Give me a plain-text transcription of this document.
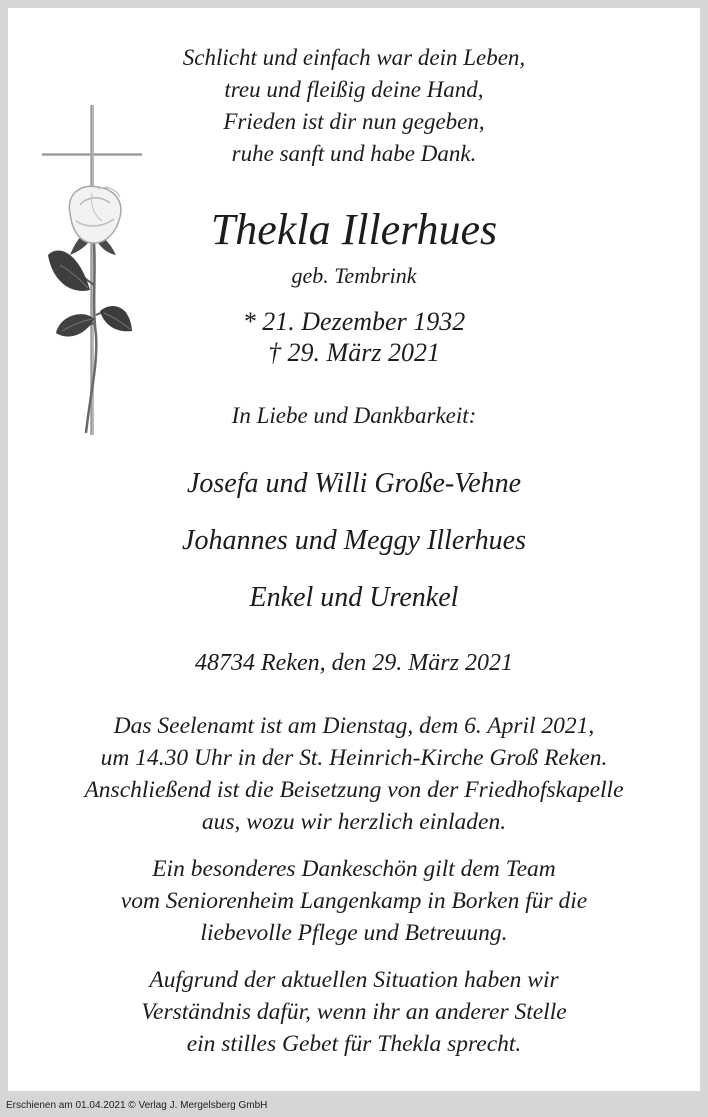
Schlicht und einfach war dein Leben,

treu und fleißig deine Hand,

Frieden ist dir nun gegeben,

ruhe sanft und habe Dank.

Thekla Illerhues

geb. Tembrink

* 21. Dezember 1932

† 29. März 2021

In Liebe und Dankbarkeit:

Josefa und Willi Große-Vehne

Johannes und Meggy Illerhues

Enkel und Urenkel

48734 Reken, den 29. März 2021

Das Seelenamt ist am Dienstag, dem 6. April 2021,

um 14.30 Uhr in der St. Heinrich-Kirche Groß Reken.

Anschließend ist die Beisetzung von der Friedhofskapelle

aus, wozu wir herzlich einladen.

Ein besonderes Dankeschön gilt dem Team

vom Seniorenheim Langenkamp in Borken für die

liebevolle Pflege und Betreuung.

Aufgrund der aktuellen Situation haben wir

Verständnis dafür, wenn ihr an anderer Stelle

ein stilles Gebet für Thekla sprecht.

Erschienen am 01.04.2021 © Verlag J. Mergelsberg GmbH
